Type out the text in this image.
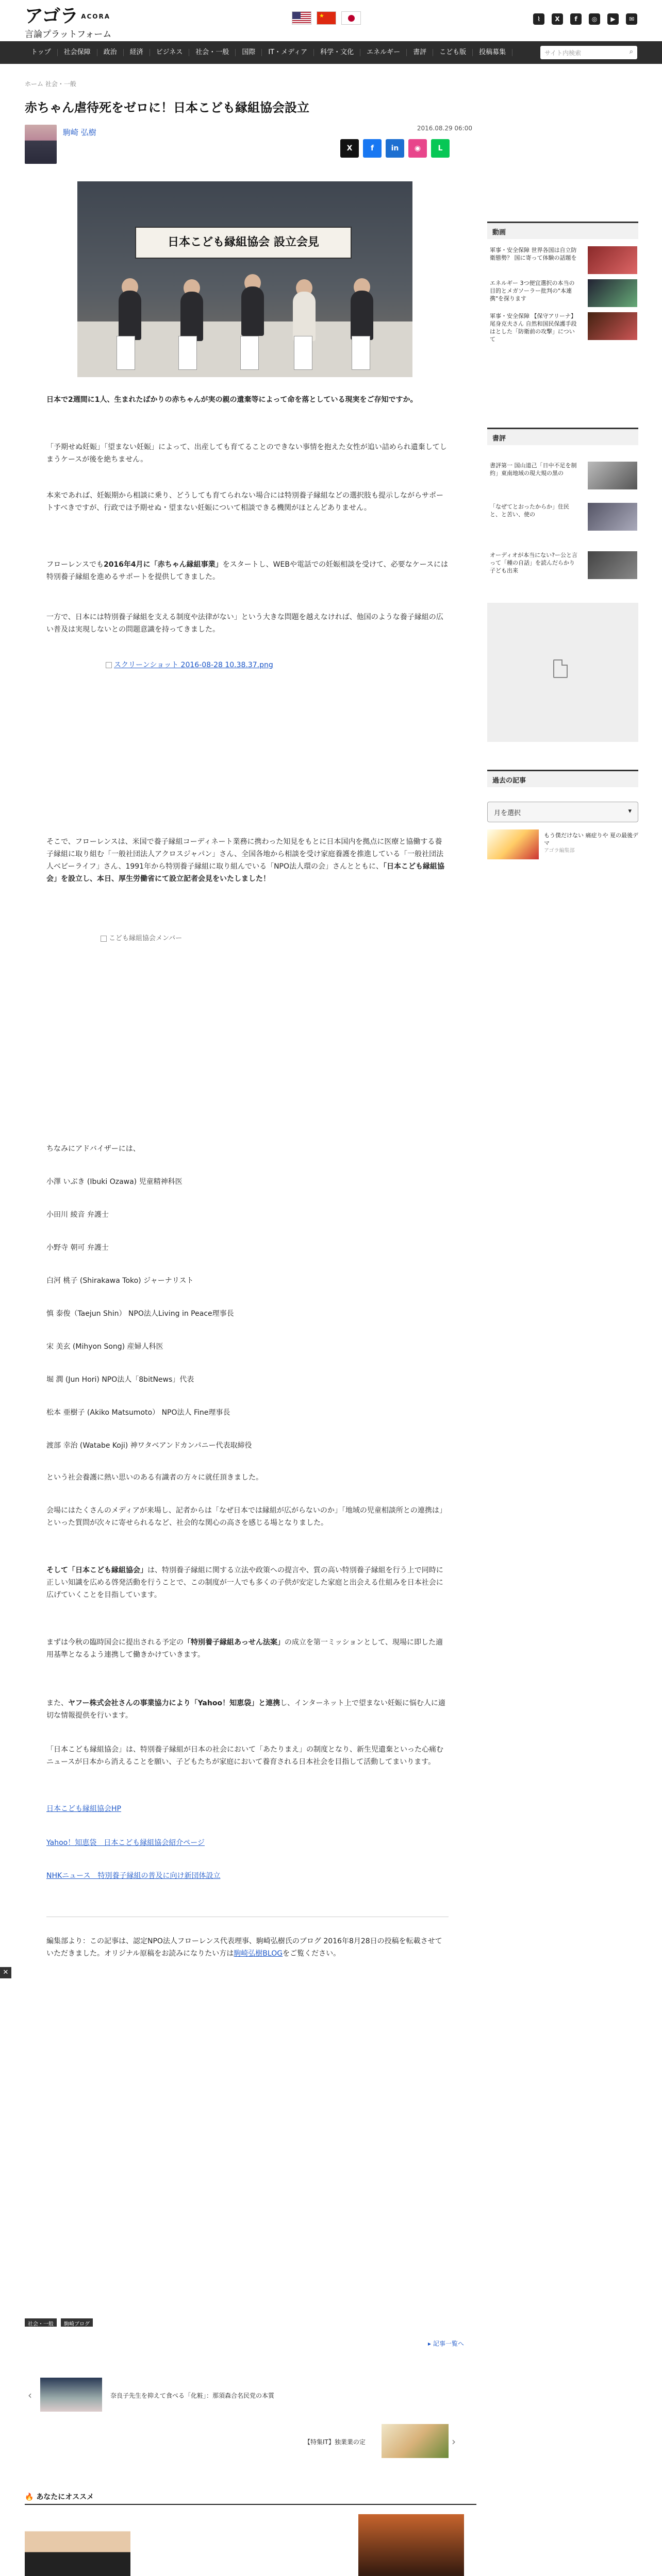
アゴラ $^{ACORA}$
言論プラットフォーム
★
⌇	X	f	◎	▶	✉
トップ	社会保障	政治	経済	ビジネス	社会・一般	国際	IT・メディア	科学・文化	エネルギー	書評	こども版	投稿募集	サイト内検索	⌕
ホーム 社会・一般
赤ちゃん虐待死をゼロに！日本こども縁組協会設立
駒崎 弘樹	2016.08.29 06:00
X	f	in	◉	L
日本こども縁組協会 設立会見

日本で2週間に1人、生まれたばかりの赤ちゃんが実の親の遺棄等によって命を落としている現実をご存知ですか。

「予期せぬ妊娠」「望まない妊娠」によって、出産しても育てることのできない事情を抱えた女性が追い詰められ遺棄してしまうケースが後を絶ちません。

本来であれば、妊娠期から相談に乗り、どうしても育てられない場合には特別養子縁組などの選択肢も提示しながらサポートすべきですが、行政では予期せぬ・望まない妊娠について相談できる機関がほとんどありません。

フローレンスでも2016年4月に「赤ちゃん縁組事業」をスタートし、WEBや電話での妊娠相談を受けて、必要なケースには特別養子縁組を進めるサポートを提供してきました。

一方で、日本には特別養子縁組を支える制度や法律がない」という大きな問題を越えなければ、他国のような養子縁組の広い普及は実現しないとの問題意識を持ってきました。

スクリーンショット 2016-08-28 10.38.37.png

そこで、フローレンスは、米国で養子縁組コーディネート業務に携わった知見をもとに日本国内を拠点に医療と協働する養子縁組に取り組む「一般社団法人アクロスジャパン」さん、全国各地から相談を受け家庭養護を推進している「一般社団法人ベビーライフ」さん、1991年から特別養子縁組に取り組んでいる「NPO法人環の会」さんとともに、「日本こども縁組協会」を設立し、本日、厚生労働省にて設立記者会見をいたしました！

こども縁組協会メンバー

ちなみにアドバイザーには、

小澤 いぶき (Ibuki Ozawa) 児童精神科医

小田川 綾音 弁護士

小野寺 朝可 弁護士

白河 桃子 (Shirakawa Toko) ジャーナリスト

慎 泰俊（Taejun Shin） NPO法人Living in Peace理事長

宋 美玄 (Mihyon Song) 産婦人科医

堀 潤 (Jun Hori) NPO法人「8bitNews」代表

松本 亜樹子 (Akiko Matsumoto） NPO法人 Fine理事長

渡部 幸治 (Watabe Koji) 神ワタベアンドカンパニー代表取締役

という社会養護に熱い思いのある有識者の方々に就任頂きました。

会場にはたくさんのメディアが来場し、記者からは「なぜ日本では縁組が広がらないのか」「地域の児童相談所との連携は」といった質問が次々に寄せられるなど、社会的な関心の高さを感じる場となりました。

そして「日本こども縁組協会」は、特別養子縁組に関する立法や政策への提言や、質の高い特別養子縁組を行う上で同時に正しい知識を広める啓発活動を行うことで、この制度が一人でも多くの子供が安定した家庭と出会える仕組みを日本社会に広げていくことを目指しています。

まずは今秋の臨時国会に提出される予定の「特別養子縁組あっせん法案」の成立を第一ミッションとして、現場に即した適用基準となるよう連携して働きかけていきます。

また、ヤフー株式会社さんの事業協力により「Yahoo！知恵袋」と連携し、インターネット上で望まない妊娠に悩む人に適切な情報提供を行います。

「日本こども縁組協会」は、特別養子縁組が日本の社会において「あたりまえ」の制度となり、新生児遺棄といった心痛むニュースが日本から消えることを願い、子どもたちが家庭において養育される日本社会を目指して活動してまいります。

日本こども縁組協会HP
Yahoo！知恵袋　日本こども縁組協会紹介ページ
NHKニュース　特別養子縁組の普及に向け新団体設立

編集部より：この記事は、認定NPO法人フローレンス代表理事、駒崎弘樹氏のブログ 2016年8月28日の投稿を転載させていただきました。オリジナル原稿をお読みになりたい方は駒崎弘樹BLOGをご覧ください。

✕
動画
軍事・安全保障 世界各国は自立防衛態勢？ 国に寄って体験の話題を
エネルギー 3つ便宜選択の本当の目的とメガソーラー批判の"本連携"を探ります
軍事・安全保障 【保守アリーナ】尾身克夫さん 自然和国民保護手段はとした「防衛前の攻撃」について
書評
書評第一 国山道己「日中不足を制約」東南地域の現大規の黒の
「なぜてとおったからか」住民と、と苦い、使の
オーディオが本当にない?ー公と言って「種の自話」を読んだらかり子ども出来
過去の記事
月を選択	▾
もう僕だけない 痛症りや 夏の最後デマ
アゴラ編集部
社会・一般	駒崎ブログ
▸ 記事一覧へ
‹	奈良子先生を抑えて食べる「化粧」：那須森合名民党の本質
【特集IT】独業業の定	›
🔥 あなたにオススメ
